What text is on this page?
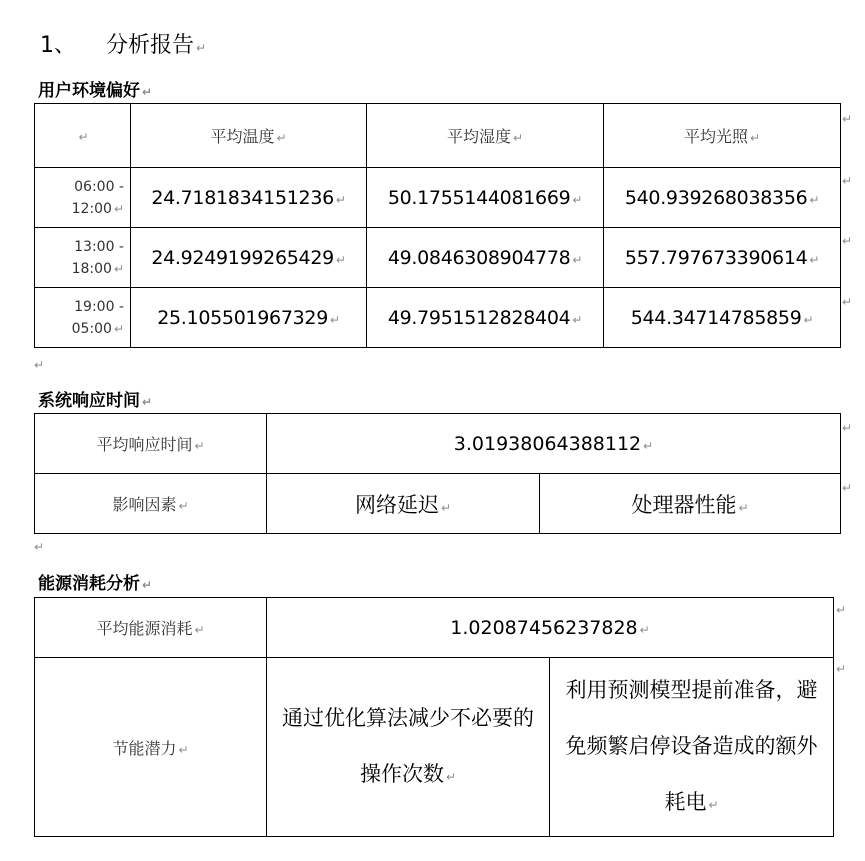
1、 分析报告 ↵
用户环境偏好 ↵
↵	平均温度 ↵	平均湿度 ↵	平均光照 ↵
06:00 -
12:00 ↵	24.7181834151236 ↵	50.1755144081669 ↵	540.939268038356 ↵
13:00 -
18:00 ↵	24.9249199265429 ↵	49.0846308904778 ↵	557.797673390614 ↵
19:00 -
05:00 ↵	25.105501967329 ↵	49.7951512828404 ↵	544.34714785859 ↵
↵
系统响应时间 ↵
平均响应时间 ↵	3.01938064388112 ↵	
影响因素 ↵	网络延迟 ↵	处理器性能 ↵
↵
能源消耗分析 ↵
平均能源消耗 ↵	1.02087456237828 ↵	
节能潜力 ↵	通过优化算法减少不必要的操作次数 ↵	利用预测模型提前准备，避免频繁启停设备造成的额外耗电 ↵
↵
↵
↵
↵
↵
↵
↵
↵
